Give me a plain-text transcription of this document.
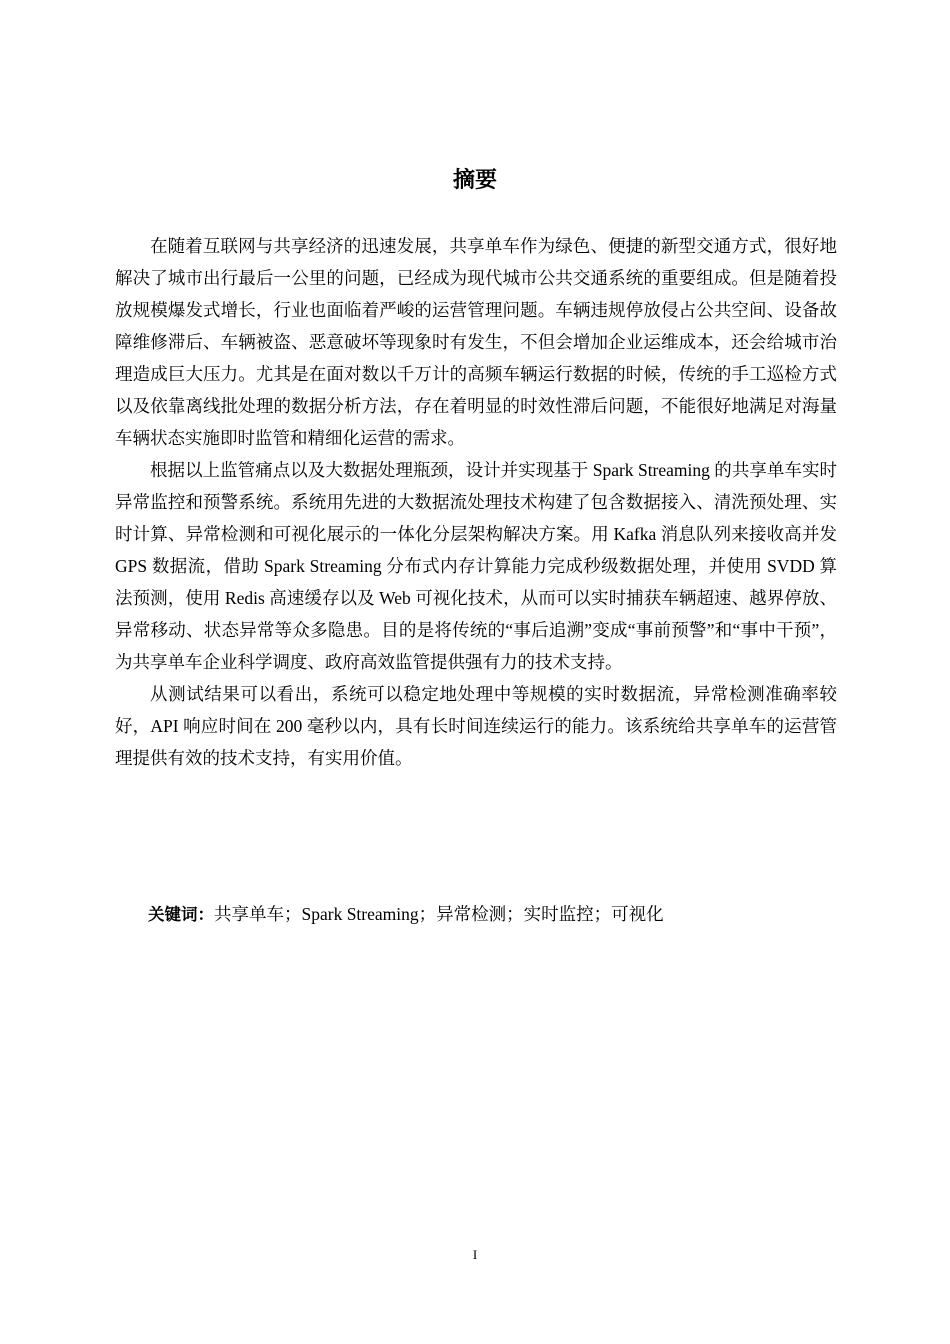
摘要

在随着互联网与共享经济的迅速发展，共享单车作为绿色、便捷的新型交通方式，很好地解决了城市出行最后一公里的问题，已经成为现代城市公共交通系统的重要组成。但是随着投放规模爆发式增长，行业也面临着严峻的运营管理问题。车辆违规停放侵占公共空间、设备故障维修滞后、车辆被盗、恶意破坏等现象时有发生，不但会增加企业运维成本，还会给城市治理造成巨大压力。尤其是在面对数以千万计的高频车辆运行数据的时候，传统的手工巡检方式以及依靠离线批处理的数据分析方法，存在着明显的时效性滞后问题，不能很好地满足对海量车辆状态实施即时监管和精细化运营的需求。

根据以上监管痛点以及大数据处理瓶颈，设计并实现基于 Spark Streaming 的共享单车实时异常监控和预警系统。系统用先进的大数据流处理技术构建了包含数据接入、清洗预处理、实时计算、异常检测和可视化展示的一体化分层架构解决方案。用 Kafka 消息队列来接收高并发 GPS 数据流，借助 Spark Streaming 分布式内存计算能力完成秒级数据处理，并使用 SVDD 算法预测，使用 Redis 高速缓存以及 Web 可视化技术，从而可以实时捕获车辆超速、越界停放、异常移动、状态异常等众多隐患。目的是将传统的“事后追溯”变成“事前预警”和“事中干预”，为共享单车企业科学调度、政府高效监管提供强有力的技术支持。

从测试结果可以看出，系统可以稳定地处理中等规模的实时数据流，异常检测准确率较好，API 响应时间在 200 毫秒以内，具有长时间连续运行的能力。该系统给共享单车的运营管理提供有效的技术支持，有实用价值。

关键词：共享单车；Spark Streaming；异常检测；实时监控；可视化
I
